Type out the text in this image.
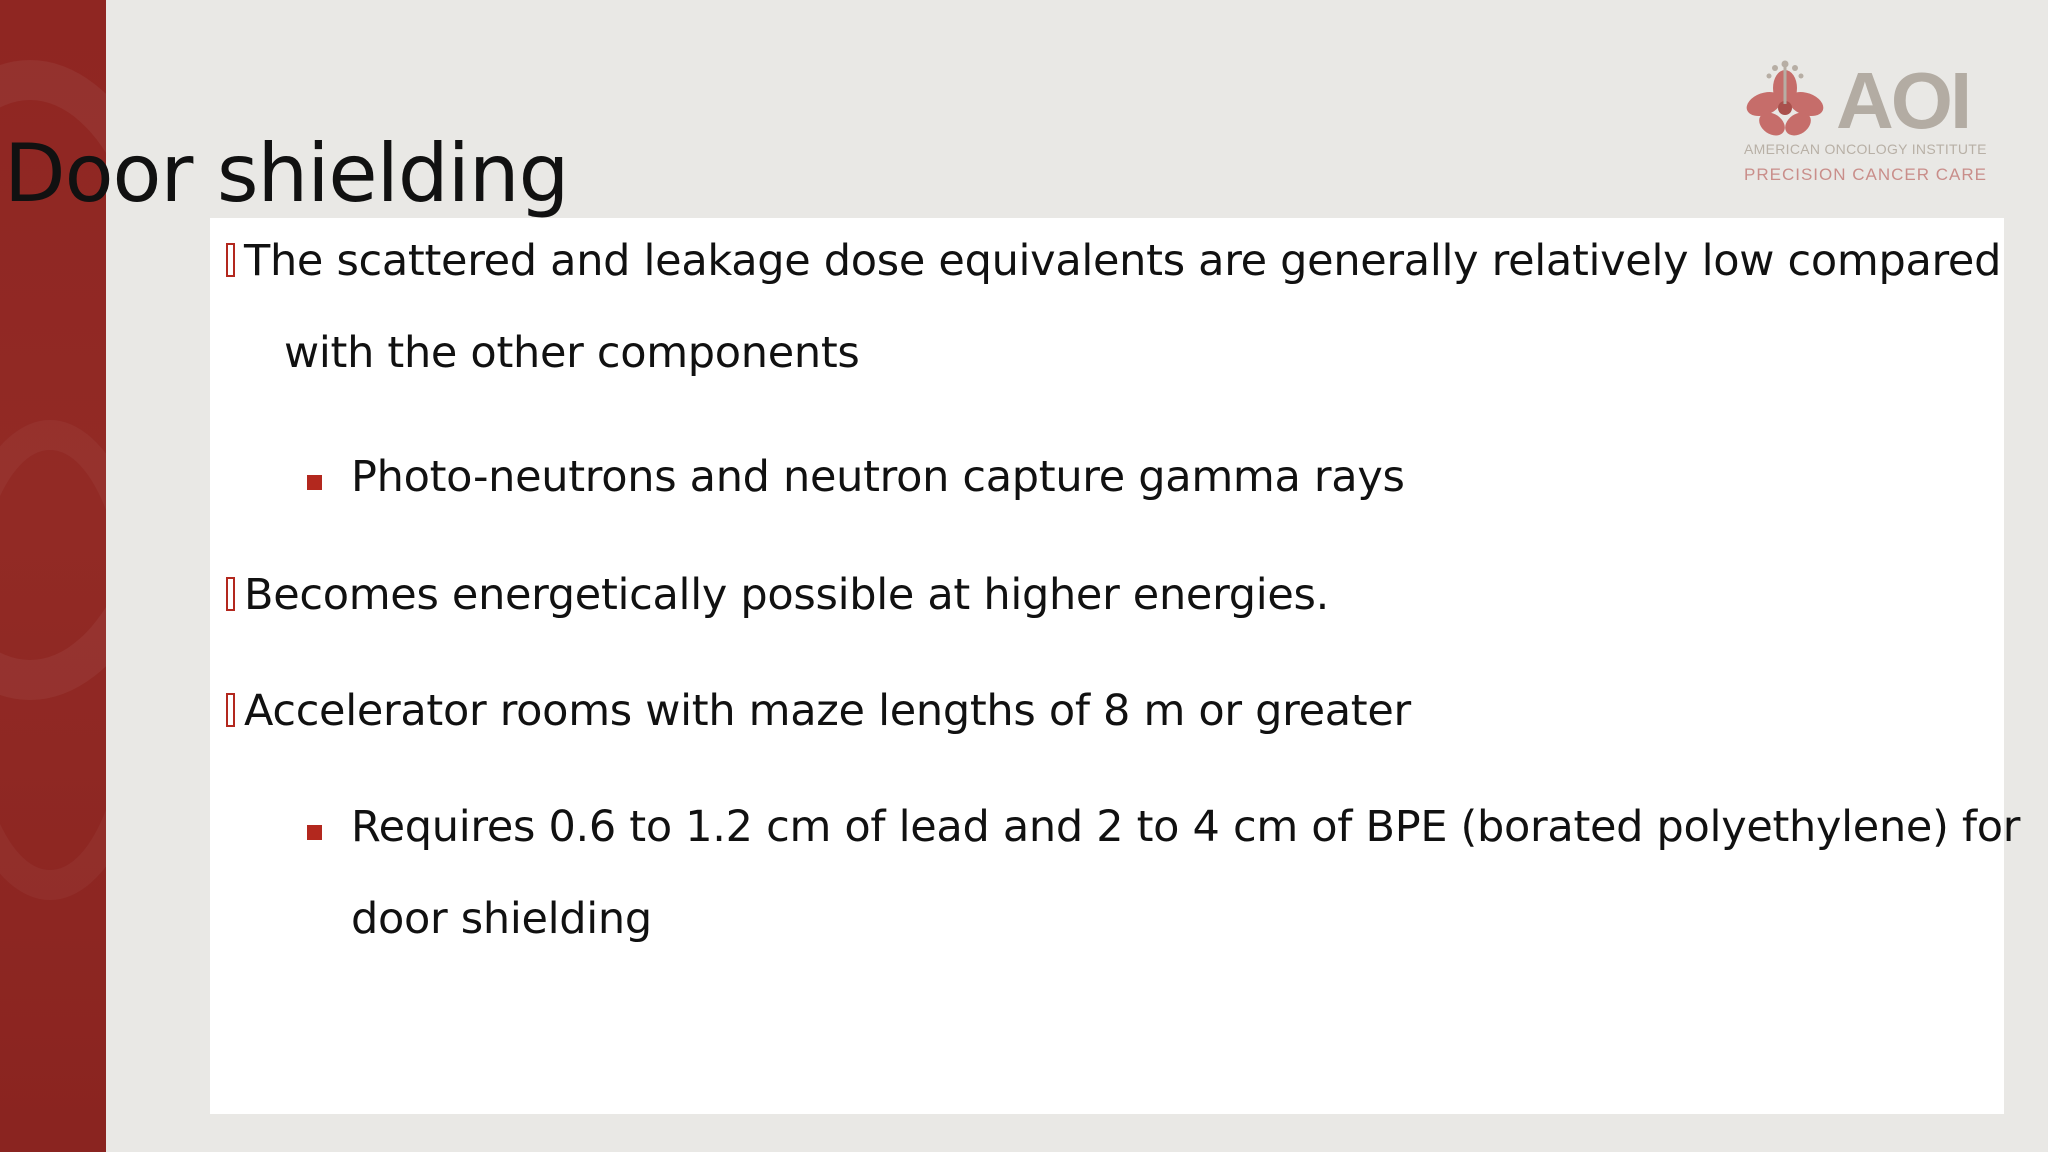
Door shielding
AOI
AMERICAN ONCOLOGY INSTITUTE
PRECISION CANCER CARE
The scattered and leakage dose equivalents are generally relatively low compared
with the other components
Photo-neutrons and neutron capture gamma rays
Becomes energetically possible at higher energies.
Accelerator rooms with maze lengths of 8 m or greater
Requires 0.6 to 1.2 cm of lead and 2 to 4 cm of BPE (borated polyethylene) for
door shielding
